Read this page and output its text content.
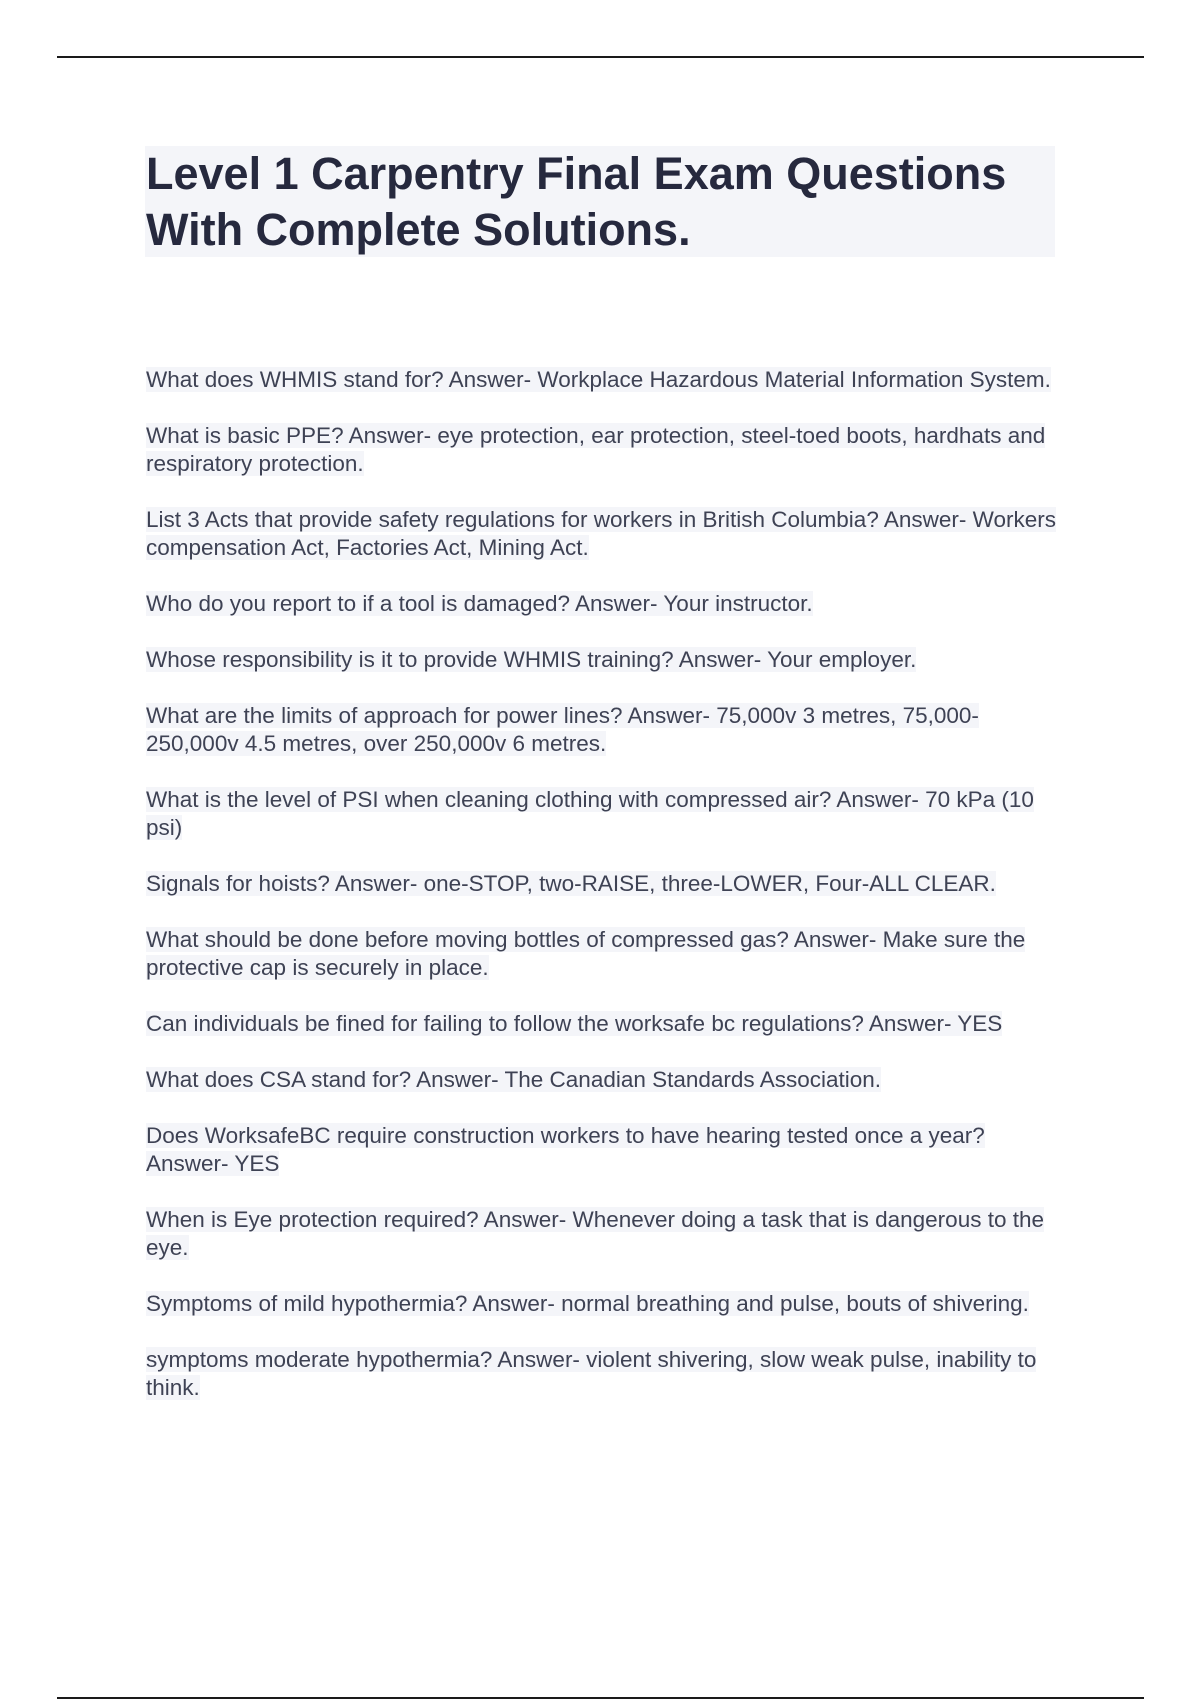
Level 1 Carpentry Final Exam Questions With Complete Solutions.
What does WHMIS stand for? Answer- Workplace Hazardous Material Information System.
What is basic PPE? Answer- eye protection, ear protection, steel-toed boots, hardhats and respiratory protection.
List 3 Acts that provide safety regulations for workers in British Columbia? Answer- Workers compensation Act, Factories Act, Mining Act.
Who do you report to if a tool is damaged? Answer- Your instructor.
Whose responsibility is it to provide WHMIS training? Answer- Your employer.
What are the limits of approach for power lines? Answer- 75,000v 3 metres, 75,000-250,000v 4.5 metres, over 250,000v 6 metres.
What is the level of PSI when cleaning clothing with compressed air? Answer- 70 kPa (10 psi)
Signals for hoists? Answer- one-STOP, two-RAISE, three-LOWER, Four-ALL CLEAR.
What should be done before moving bottles of compressed gas? Answer- Make sure the protective cap is securely in place.
Can individuals be fined for failing to follow the worksafe bc regulations? Answer- YES
What does CSA stand for? Answer- The Canadian Standards Association.
Does WorksafeBC require construction workers to have hearing tested once a year? Answer- YES
When is Eye protection required? Answer- Whenever doing a task that is dangerous to the eye.
Symptoms of mild hypothermia? Answer- normal breathing and pulse, bouts of shivering.
symptoms moderate hypothermia? Answer- violent shivering, slow weak pulse, inability to think.
